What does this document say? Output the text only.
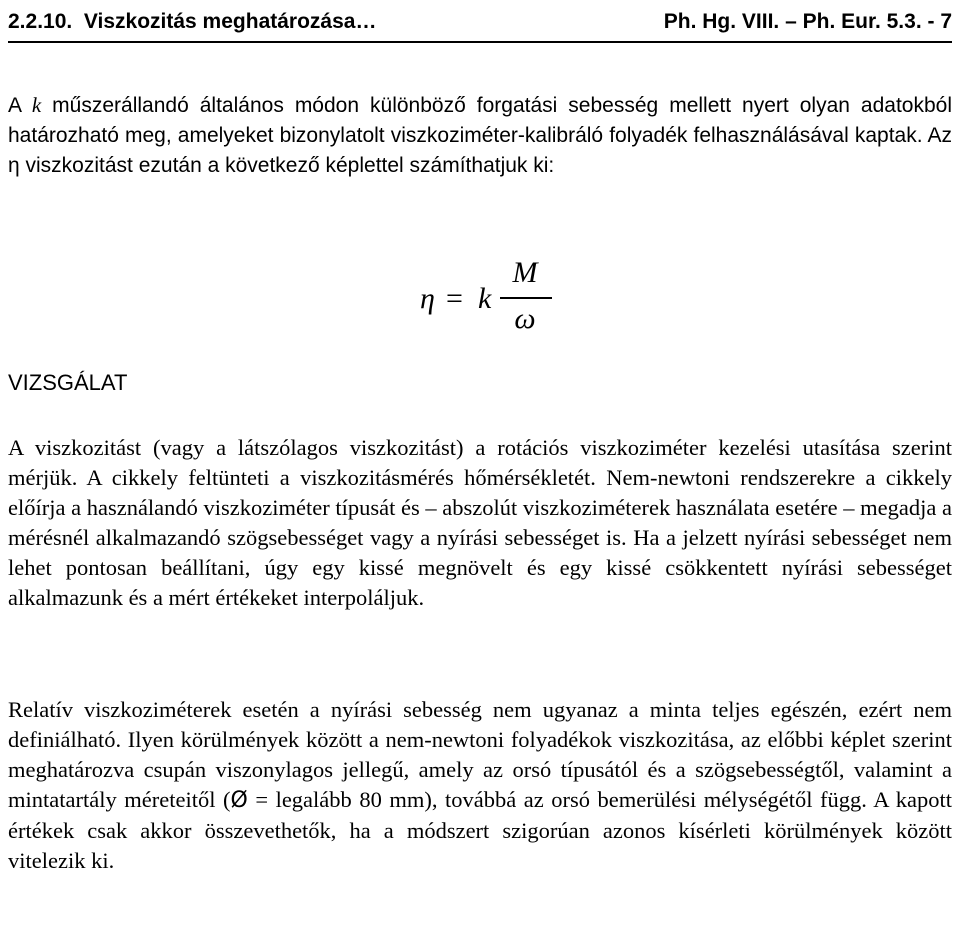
2.2.10.  Viszkozitás meghatározása…	Ph. Hg. VIII. – Ph. Eur. 5.3. - 7

A k műszerállandó általános módon különböző forgatási sebesség mellett nyert olyan adatokból határozható meg, amelyeket bizonylatolt viszkoziméter-kalibráló folyadék felhasználásával kaptak. Az η viszkozitást ezután a következő képlettel számíthatjuk ki:

η = k
M
ω
VIZSGÁLAT

A viszkozitást (vagy a látszólagos viszkozitást) a rotációs viszkoziméter kezelési utasítása szerint mérjük. A cikkely feltünteti a viszkozitásmérés hőmérsékletét. Nem-newtoni rendszerekre a cikkely előírja a használandó viszkoziméter típusát és – abszolút viszkoziméterek használata esetére – megadja a mérésnél alkalmazandó szögsebességet vagy a nyírási sebességet is. Ha a jelzett nyírási sebességet nem lehet pontosan beállítani, úgy egy kissé megnövelt és egy kissé csökkentett nyírási sebességet alkalmazunk és a mért értékeket interpoláljuk.

Relatív viszkoziméterek esetén a nyírási sebesség nem ugyanaz a minta teljes egészén, ezért nem definiálható. Ilyen körülmények között a nem-newtoni folyadékok viszkozitása, az előbbi képlet szerint meghatározva csupán viszonylagos jellegű, amely az orsó típusától és a szögsebességtől, valamint a mintatartály méreteitől (Ø = legalább 80 mm), továbbá az orsó bemerülési mélységétől függ. A kapott értékek csak akkor összevethetők, ha a módszert szigorúan azonos kísérleti körülmények között vitelezik ki.
